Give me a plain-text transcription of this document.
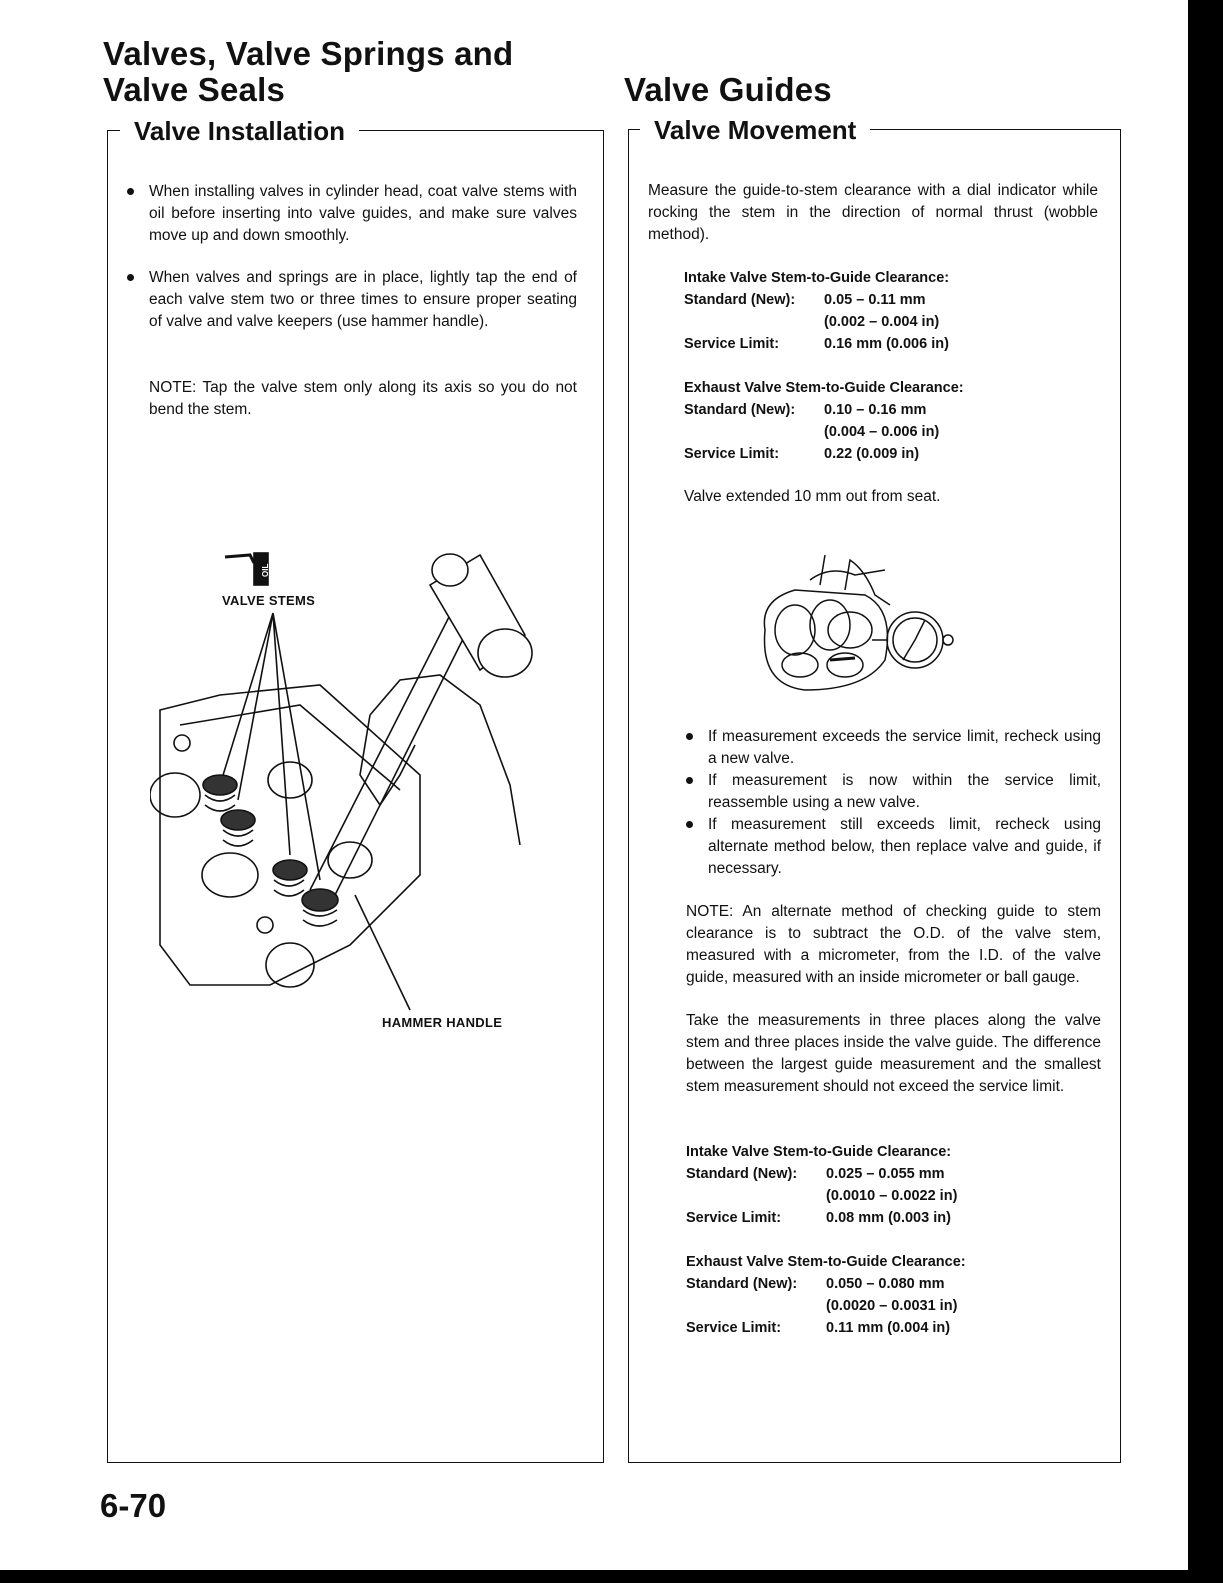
Valves, Valve Springs and
Valve Seals	Valve Guides
Valve Installation

When installing valves in cylinder head, coat valve stems with oil before inserting into valve guides, and make sure valves move up and down smoothly.

When valves and springs are in place, lightly tap the end of each valve stem two or three times to ensure proper seating of valve and valve keepers (use hammer handle).

NOTE: Tap the valve stem only along its axis so you do not bend the stem.

OIL
VALVE STEMS
HAMMER HANDLE
Valve Movement

Measure the guide-to-stem clearance with a dial indicator while rocking the stem in the direction of normal thrust (wobble method).

Intake Valve Stem-to-Guide Clearance:
Standard (New):	0.05 – 0.11 mm
(0.002 – 0.004 in)
Service Limit:	0.16 mm (0.006 in)
Exhaust Valve Stem-to-Guide Clearance:
Standard (New):	0.10 – 0.16 mm
(0.004 – 0.006 in)
Service Limit:	0.22 (0.009 in)

Valve extended 10 mm out from seat.

If measurement exceeds the service limit, recheck using a new valve.

If measurement is now within the service limit, reassemble using a new valve.

If measurement still exceeds limit, recheck using alternate method below, then replace valve and guide, if necessary.

NOTE: An alternate method of checking guide to stem clearance is to subtract the O.D. of the valve stem, measured with a micrometer, from the I.D. of the valve guide, measured with an inside micrometer or ball gauge.

Take the measurements in three places along the valve stem and three places inside the valve guide. The difference between the largest guide measurement and the smallest stem measurement should not exceed the service limit.

Intake Valve Stem-to-Guide Clearance:
Standard (New):	0.025 – 0.055 mm
(0.0010 – 0.0022 in)
Service Limit:	0.08 mm (0.003 in)
Exhaust Valve Stem-to-Guide Clearance:
Standard (New):	0.050 – 0.080 mm
(0.0020 – 0.0031 in)
Service Limit:	0.11 mm (0.004 in)
6-70
